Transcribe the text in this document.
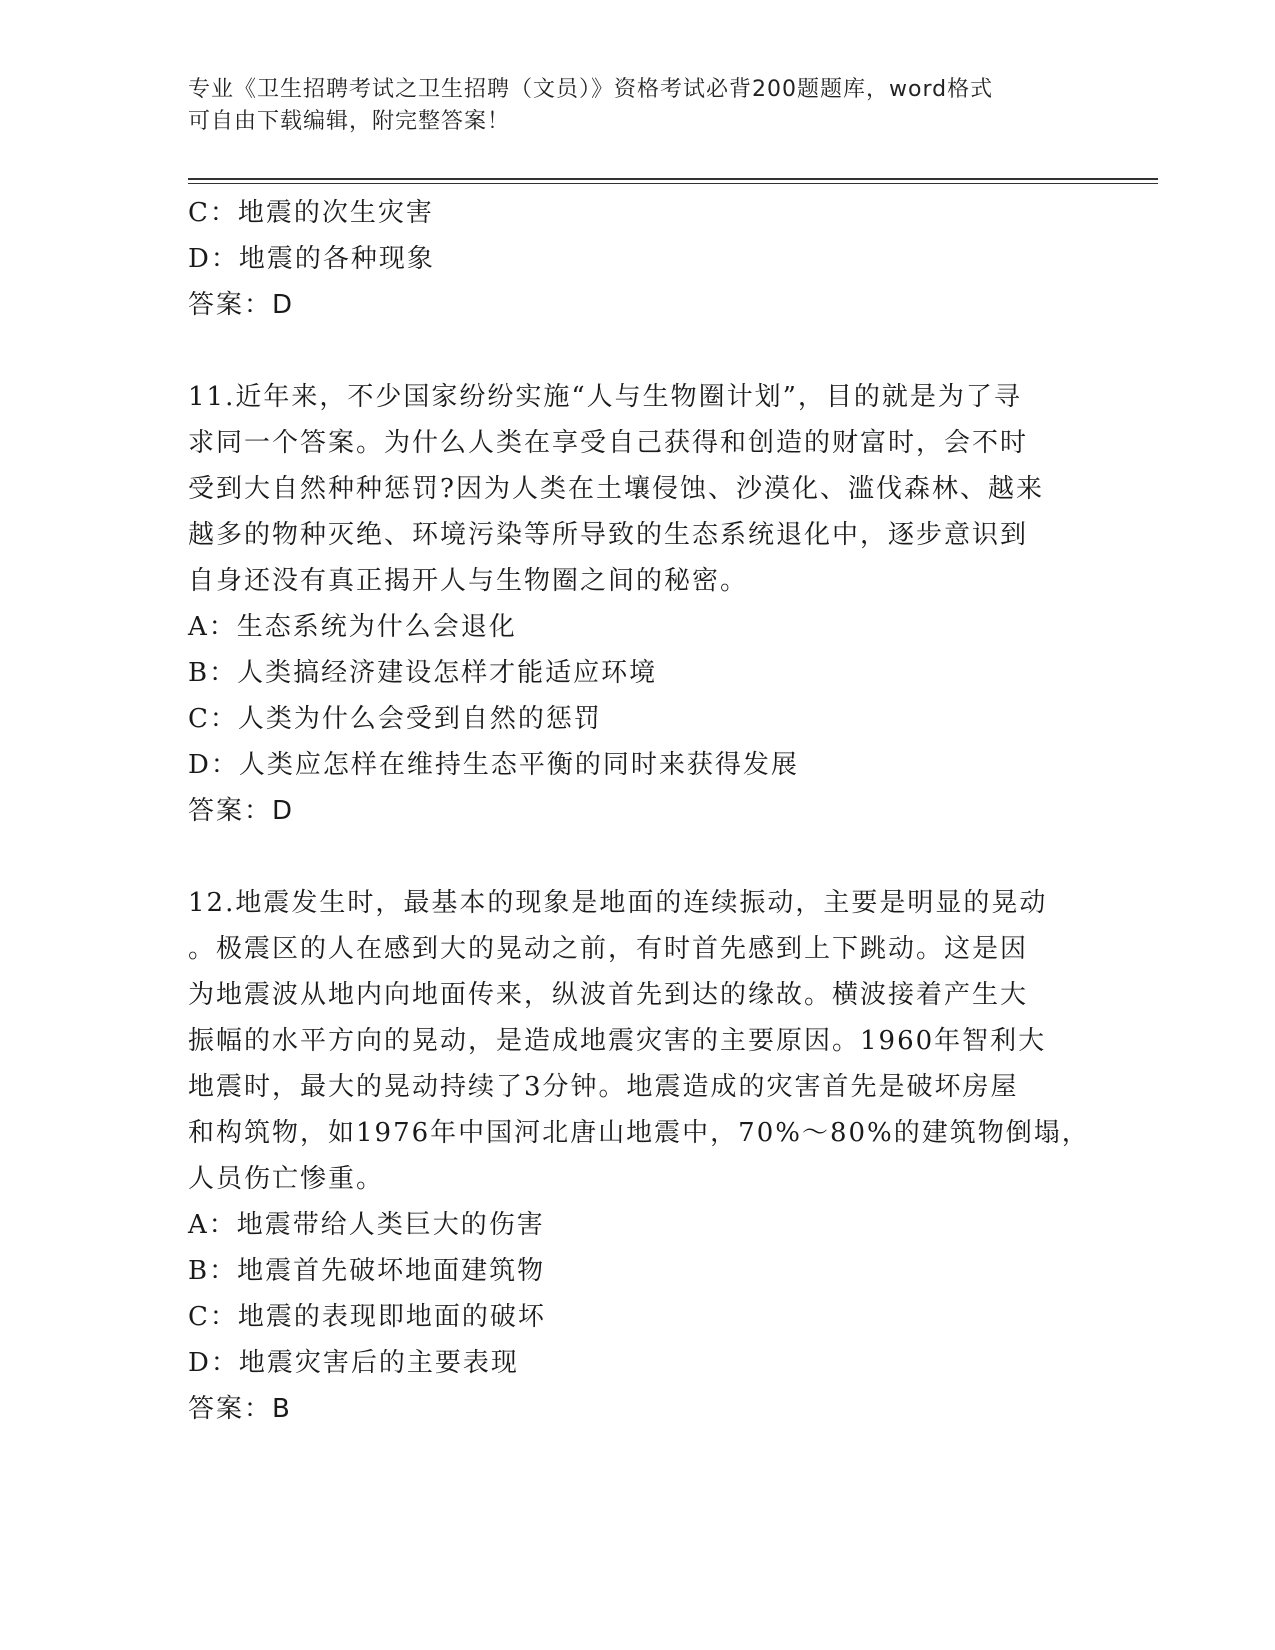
专业《卫生招聘考试之卫生招聘（文员）》资格考试必背200题题库，word格式
可自由下载编辑，附完整答案！
C：地震的次生灾害
D：地震的各种现象
答案：D
11.近年来，不少国家纷纷实施“人与生物圈计划”，目的就是为了寻
求同一个答案。为什么人类在享受自己获得和创造的财富时，会不时
受到大自然种种惩罚?因为人类在土壤侵蚀、沙漠化、滥伐森林、越来
越多的物种灭绝、环境污染等所导致的生态系统退化中，逐步意识到
自身还没有真正揭开人与生物圈之间的秘密。
A：生态系统为什么会退化
B：人类搞经济建设怎样才能适应环境
C：人类为什么会受到自然的惩罚
D：人类应怎样在维持生态平衡的同时来获得发展
答案：D
12.地震发生时，最基本的现象是地面的连续振动，主要是明显的晃动
。极震区的人在感到大的晃动之前，有时首先感到上下跳动。这是因
为地震波从地内向地面传来，纵波首先到达的缘故。横波接着产生大
振幅的水平方向的晃动，是造成地震灾害的主要原因。1960年智利大
地震时，最大的晃动持续了3分钟。地震造成的灾害首先是破坏房屋
和构筑物，如1976年中国河北唐山地震中，70%～80%的建筑物倒塌，
人员伤亡惨重。
A：地震带给人类巨大的伤害
B：地震首先破坏地面建筑物
C：地震的表现即地面的破坏
D：地震灾害后的主要表现
答案：B
